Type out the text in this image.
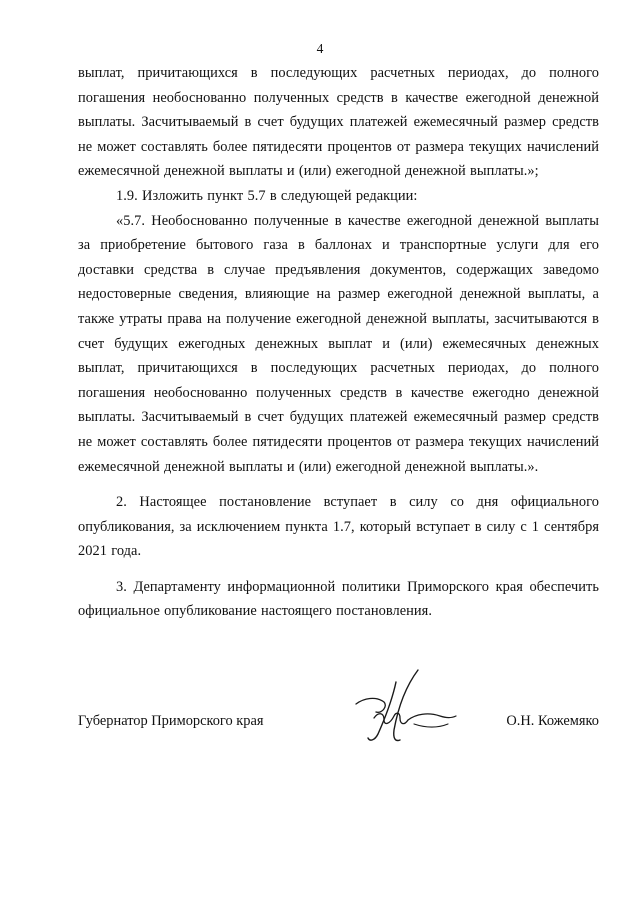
4

выплат, причитающихся в последующих расчетных периодах, до полного погашения необоснованно полученных средств в качестве ежегодной денежной выплаты. Засчитываемый в счет будущих платежей ежемесячный размер средств не может составлять более пятидесяти процентов от размера текущих начислений ежемесячной денежной выплаты и (или) ежегодной денежной выплаты.»;

1.9. Изложить пункт 5.7 в следующей редакции:

«5.7. Необоснованно полученные в качестве ежегодной денежной выплаты за приобретение бытового газа в баллонах и транспортные услуги для его доставки средства в случае предъявления документов, содержащих заведомо недостоверные сведения, влияющие на размер ежегодной денежной выплаты, а также утраты права на получение ежегодной денежной выплаты, засчитываются в счет будущих ежегодных денежных выплат и (или) ежемесячных денежных выплат, причитающихся в последующих расчетных периодах, до полного погашения необоснованно полученных средств в качестве ежегодно денежной выплаты. Засчитываемый в счет будущих платежей ежемесячный размер средств не может составлять более пятидесяти процентов от размера текущих начислений ежемесячной денежной выплаты и (или) ежегодной денежной выплаты.».

2. Настоящее постановление вступает в силу со дня официального опубликования, за исключением пункта 1.7, который вступает в силу с 1 сентября 2021 года.

3. Департаменту информационной политики Приморского края обеспечить официальное опубликование настоящего постановления.

Губернатор Приморского края	О.Н. Кожемяко
